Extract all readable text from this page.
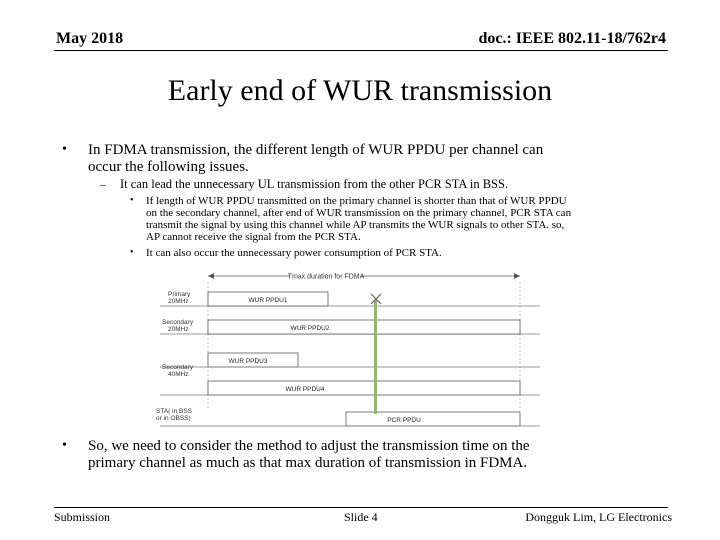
May 2018	doc.: IEEE 802.11-18/762r4
Early end of WUR transmission
• In FDMA transmission, the different length of WUR PPDU per channel can
occur the following issues.
– It can lead the unnecessary UL transmission from the other PCR STA in BSS.
• If length of WUR PPDU transmitted on the primary channel is shorter than that of WUR PPDU
on the secondary channel, after end of WUR transmission on the primary channel, PCR STA can
transmit the signal by using this channel while AP transmits the WUR signals to other STA. so,
AP cannot receive the signal from the PCR STA.
• It can also occur the unnecessary power consumption of PCR STA.
Tmax duration for FDMA
Primary
20MHz	WUR PPDU1
Secondary
20MHz	WUR PPDU2
WUR PPDU3
Secondary
40MHz
WUR PPDU4
STA( in BSS
or in OBSS)	PCR PPDU
• So, we need to consider the method to adjust the transmission time on the
primary channel as much as that max duration of transmission in FDMA.
Submission	Slide 4	Dongguk Lim, LG Electronics
